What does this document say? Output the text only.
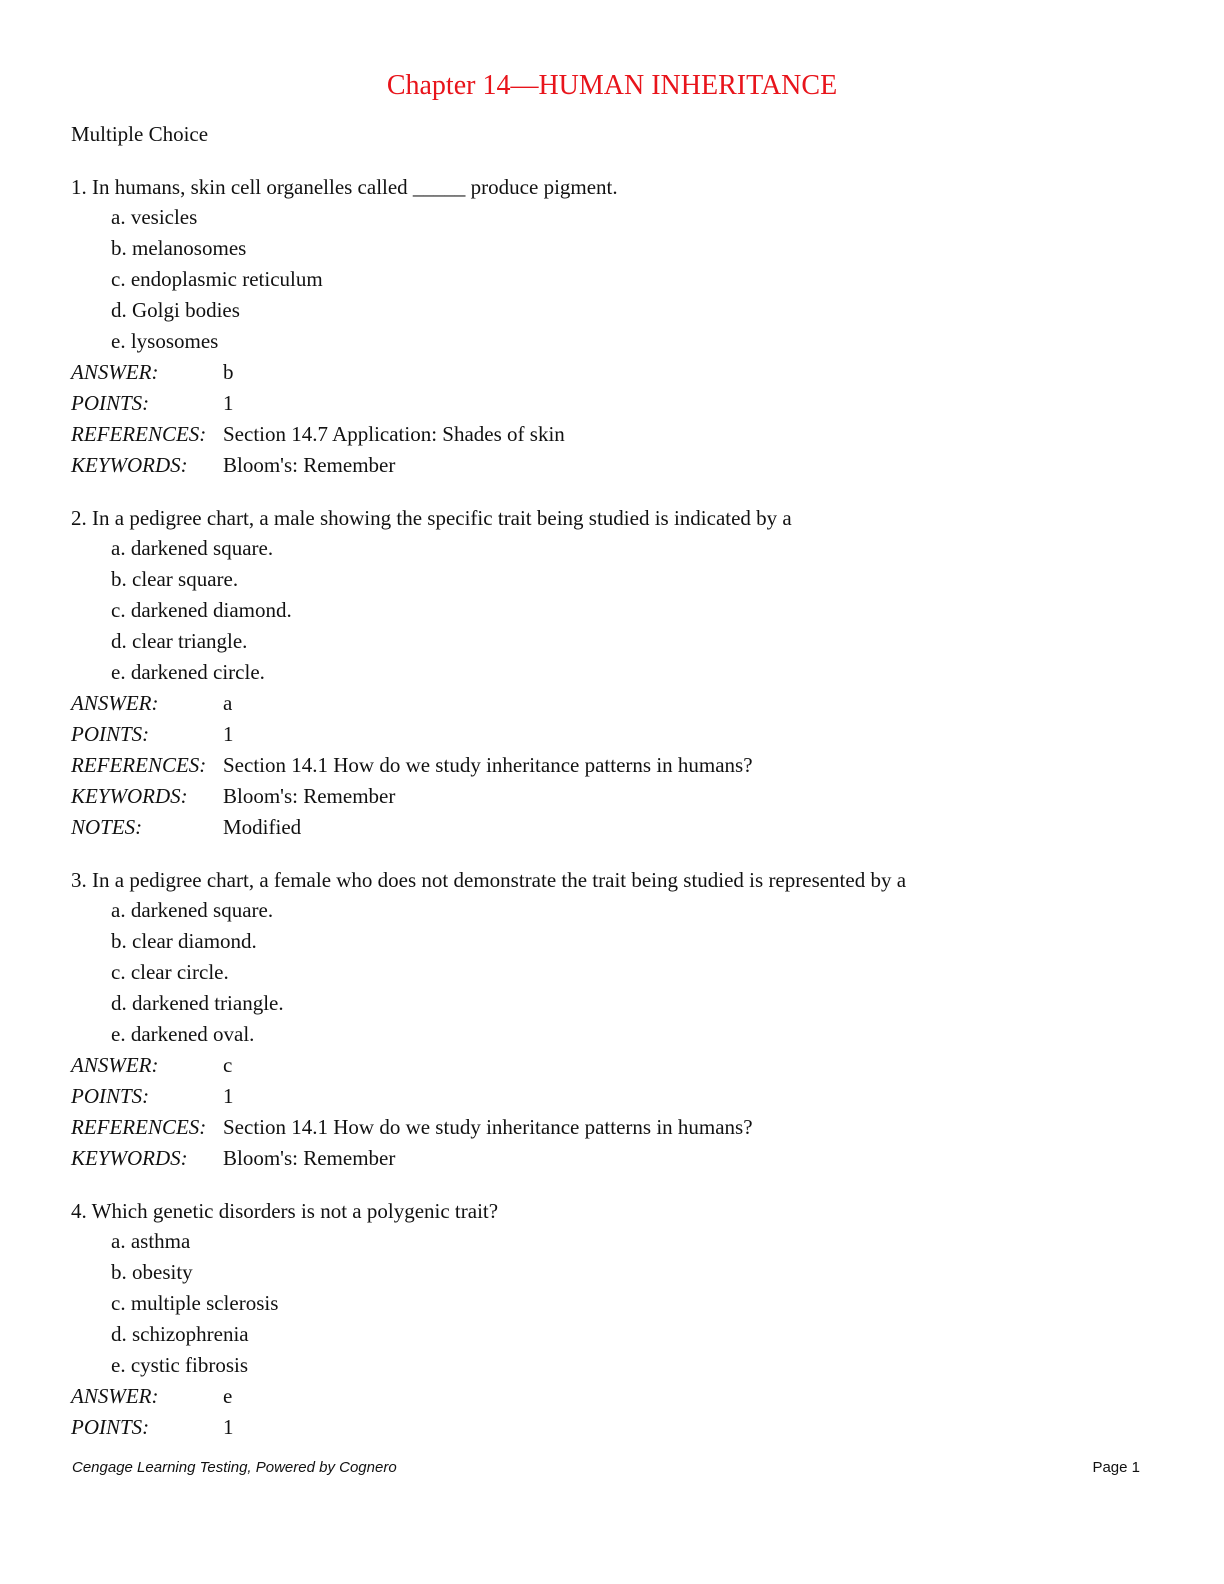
Chapter 14—HUMAN INHERITANCE
Multiple Choice
1. In humans, skin cell organelles called _____ produce pigment.
a. vesicles
b. melanosomes
c. endoplasmic reticulum
d. Golgi bodies
e. lysosomes
ANSWER:	b
POINTS:	1
REFERENCES: Section 14.7 Application: Shades of skin
KEYWORDS:	Bloom's: Remember
2. In a pedigree chart, a male showing the specific trait being studied is indicated by a
a. darkened square.
b. clear square.
c. darkened diamond.
d. clear triangle.
e. darkened circle.
ANSWER:	a
POINTS:	1
REFERENCES: Section 14.1 How do we study inheritance patterns in humans?
KEYWORDS:	Bloom's: Remember
NOTES:	Modified
3. In a pedigree chart, a female who does not demonstrate the trait being studied is represented by a
a. darkened square.
b. clear diamond.
c. clear circle.
d. darkened triangle.
e. darkened oval.
ANSWER:	c
POINTS:	1
REFERENCES: Section 14.1 How do we study inheritance patterns in humans?
KEYWORDS:	Bloom's: Remember
4. Which genetic disorders is not a polygenic trait?
a. asthma
b. obesity
c. multiple sclerosis
d. schizophrenia
e. cystic fibrosis
ANSWER:	e
POINTS:	1
Cengage Learning Testing, Powered by Cognero	Page 1
